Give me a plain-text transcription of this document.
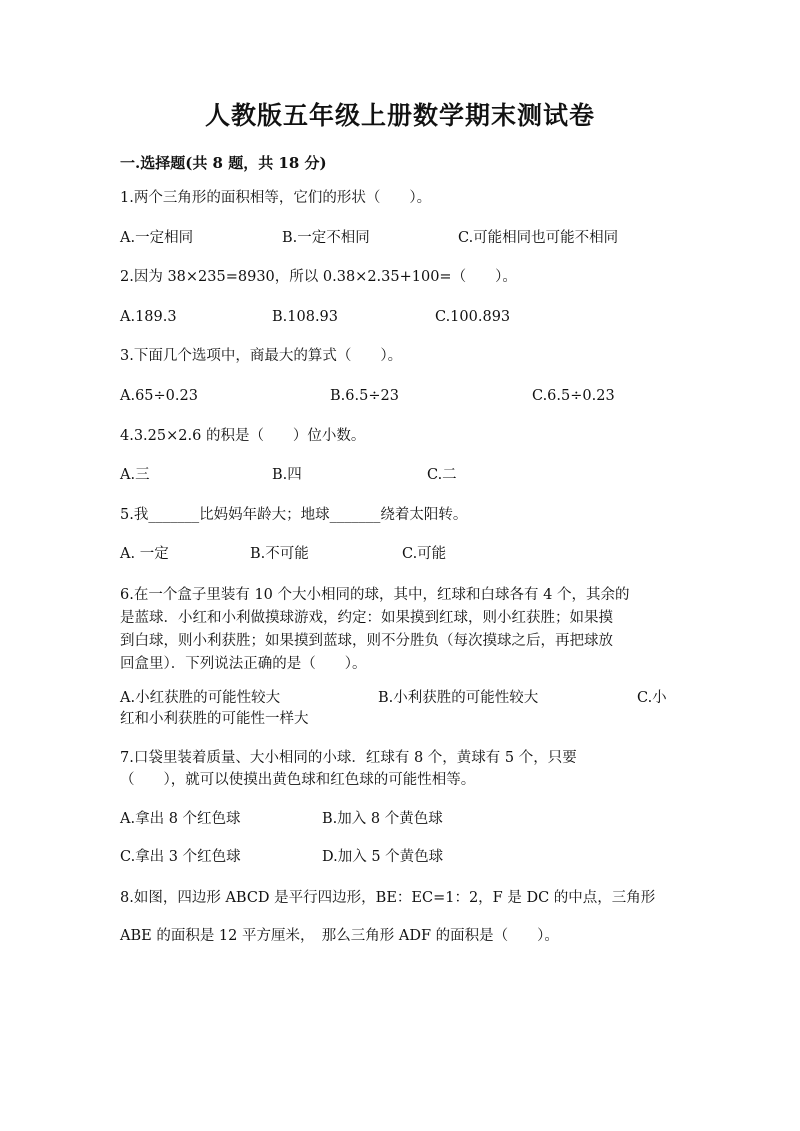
人教版五年级上册数学期末测试卷
一.选择题(共 8 题，共 18 分)
1.两个三角形的面积相等，它们的形状（　　）。
A.一定相同	B.一定不相同	C.可能相同也可能不相同
2.因为 38×235=8930，所以 0.38×2.35+100=（　　）。
A.189.3	B.108.93	C.100.893
3.下面几个选项中，商最大的算式（　　）。
A.65÷0.23	B.6.5÷23	C.6.5÷0.23
4.3.25×2.6 的积是（　　）位小数。
A.三	B.四	C.二
5.我_______比妈妈年龄大；地球_______绕着太阳转。
A. 一定	B.不可能	C.可能
6.在一个盒子里装有 10 个大小相同的球，其中，红球和白球各有 4 个，其余的
是蓝球．小红和小利做摸球游戏，约定：如果摸到红球，则小红获胜；如果摸
到白球，则小利获胜；如果摸到蓝球，则不分胜负（每次摸球之后，再把球放
回盒里）．下列说法正确的是（　　）。
A.小红获胜的可能性较大	B.小利获胜的可能性较大	C.小
红和小利获胜的可能性一样大
7.口袋里装着质量、大小相同的小球．红球有 8 个，黄球有 5 个，只要
（　　），就可以使摸出黄色球和红色球的可能性相等。
A.拿出 8 个红色球	B.加入 8 个黄色球
C.拿出 3 个红色球	D.加入 5 个黄色球
8.如图，四边形 ABCD 是平行四边形，BE：EC=1：2，F 是 DC 的中点，三角形
ABE 的面积是 12 平方厘米，　那么三角形 ADF 的面积是（　　）。
